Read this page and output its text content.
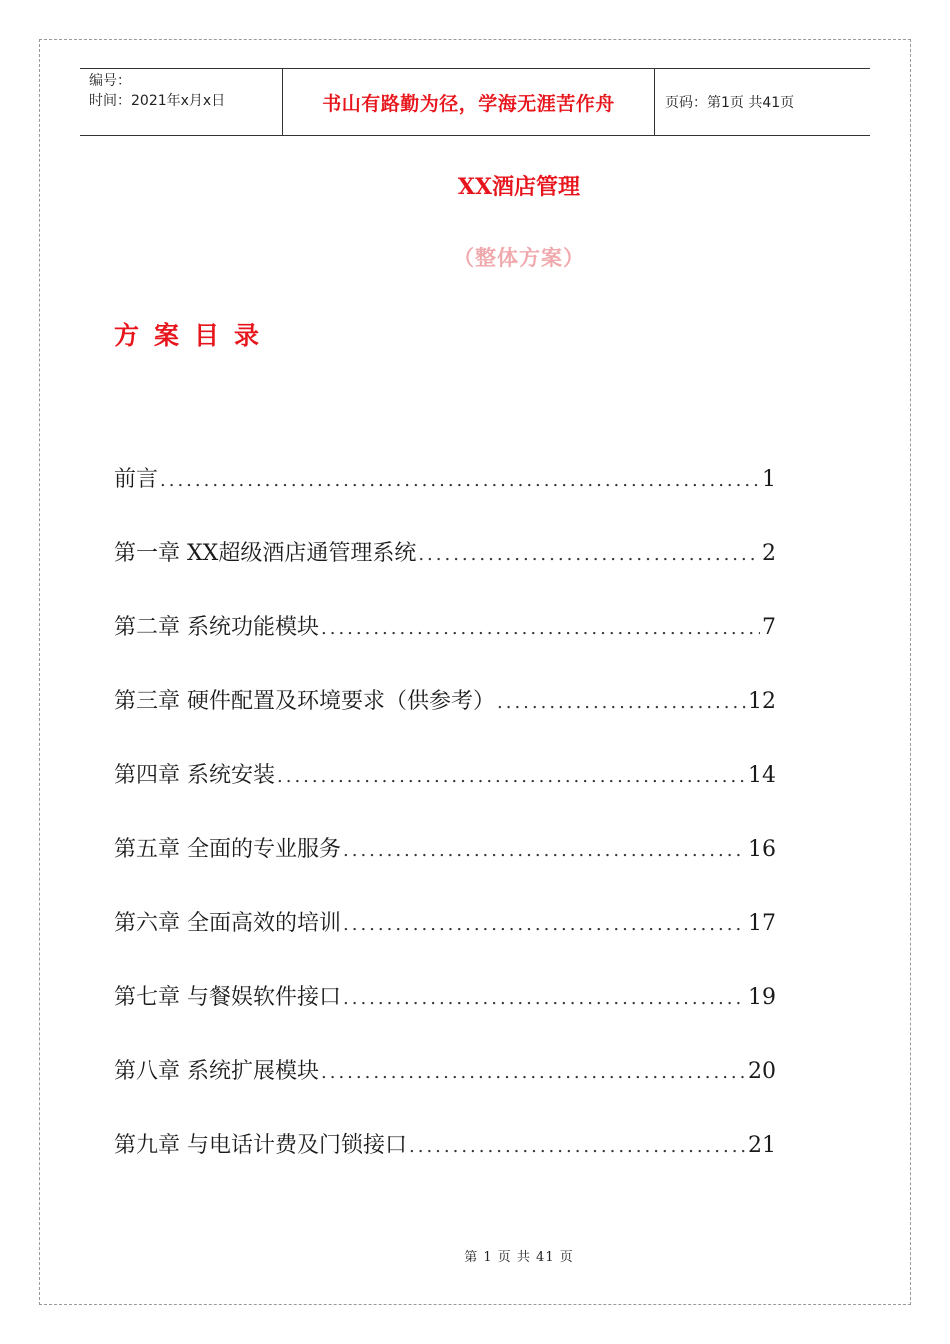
编号：
时间：2021年x月x日	书山有路勤为径，学海无涯苦作舟	页码：第1页 共41页
XX酒店管理
（整体方案）
方案目录
前言 .....	1
第一章 XX超级酒店通管理系统 .....	2
第二章 系统功能模块 .....	7
第三章 硬件配置及环境要求（供参考） .....	12
第四章 系统安装 .....	14
第五章 全面的专业服务 .....	16
第六章 全面高效的培训 .....	17
第七章 与餐娱软件接口 .....	19
第八章 系统扩展模块 .....	20
第九章 与电话计费及门锁接口 .....	21
第 1 页 共 41 页
